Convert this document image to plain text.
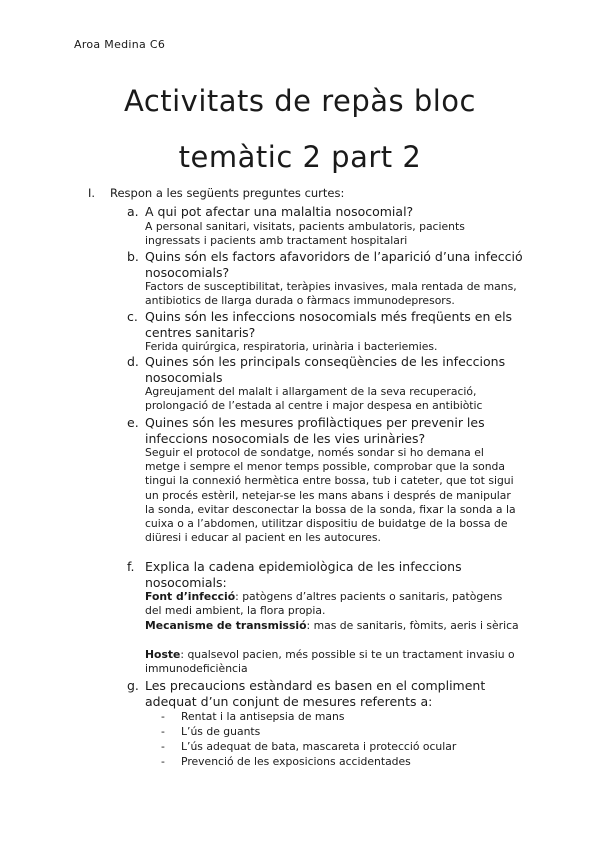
Aroa Medina C6
Activitats de repàs bloc
temàtic 2 part 2
I. Respon a les següents preguntes curtes:
a. A qui pot afectar una malaltia nosocomial?
A personal sanitari, visitats, pacients ambulatoris, pacients ingressats i pacients amb tractament hospitalari
b. Quins són els factors afavoridors de l’aparició d’una infecció nosocomials?
Factors de susceptibilitat, teràpies invasives, mala rentada de mans, antibiotics de llarga durada o fàrmacs immunodepresors.
c. Quins són les infeccions nosocomials més freqüents en els centres sanitaris?
Ferida quirúrgica, respiratoria, urinària i bacteriemies.
d. Quines són les principals conseqüències de les infeccions nosocomials
Agreujament del malalt i allargament de la seva recuperació, prolongació de l’estada al centre i major despesa en antibiòtic
e. Quines són les mesures profilàctiques per prevenir les infeccions nosocomials de les vies urinàries?
Seguir el protocol de sondatge, només sondar si ho demana el metge i sempre el menor temps possible, comprobar que la sonda tingui la connexió hermètica entre bossa, tub i cateter, que tot sigui un procés estèril, netejar-se les mans abans i després de manipular la sonda, evitar desconectar la bossa de la sonda, fixar la sonda a la cuixa o a l’abdomen, utilitzar dispositiu de buidatge de la bossa de diüresi i educar al pacient en les autocures.
f. Explica la cadena epidemiològica de les infeccions nosocomials:
Font d’infecció: patògens d’altres pacients o sanitaris, patògens del medi ambient, la flora propia.
Mecanisme de transmissió: mas de sanitaris, fòmits, aeris i sèrica
Hoste: qualsevol pacien, més possible si te un tractament invasiu o immunodeficiència
g. Les precaucions estàndard es basen en el compliment adequat d’un conjunt de mesures referents a:
- Rentat i la antisepsia de mans
- L’ús de guants
- L’ús adequat de bata, mascareta i protecció ocular
- Prevenció de les exposicions accidentades
